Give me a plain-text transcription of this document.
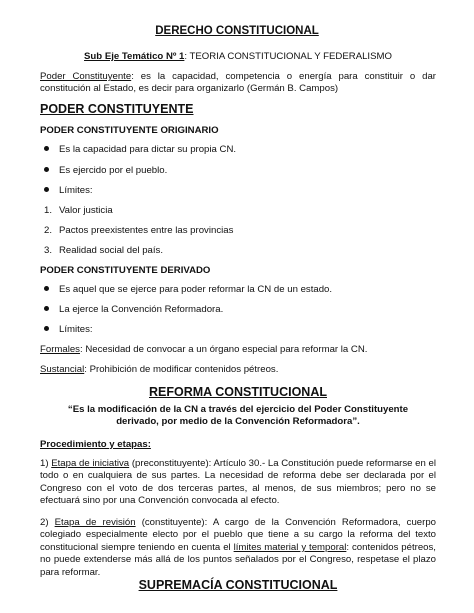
DERECHO CONSTITUCIONAL
Sub Eje Temático Nº 1: TEORIA CONSTITUCIONAL Y FEDERALISMO
Poder Constituyente: es la capacidad, competencia o energía para constituir o dar constitución al Estado, es decir para organizarlo (Germán B. Campos)
PODER CONSTITUYENTE
PODER CONSTITUYENTE ORIGINARIO
Es la capacidad para dictar su propia CN.
Es ejercido por el pueblo.
Límites:
1. Valor justicia
2. Pactos preexistentes entre las provincias
3. Realidad social del país.
PODER CONSTITUYENTE DERIVADO
Es aquel que se ejerce para poder reformar la CN de un estado.
La ejerce la Convención Reformadora.
Límites:
Formales: Necesidad de convocar a un órgano especial para reformar la CN.
Sustancial: Prohibición de modificar contenidos pétreos.
REFORMA CONSTITUCIONAL
“Es la modificación de la CN a través del ejercicio del Poder Constituyente derivado, por medio de la Convención Reformadora”.
Procedimiento y etapas:
1) Etapa de iniciativa (preconstituyente): Artículo 30.- La Constitución puede reformarse en el todo o en cualquiera de sus partes. La necesidad de reforma debe ser declarada por el Congreso con el voto de dos terceras partes, al menos, de sus miembros; pero no se efectuará sino por una Convención convocada al efecto.
2) Etapa de revisión (constituyente): A cargo de la Convención Reformadora, cuerpo colegiado especialmente electo por el pueblo que tiene a su cargo la reforma del texto constitucional siempre teniendo en cuenta el límites material y temporal: contenidos pétreos, no puede extenderse más allá de los puntos señalados por el Congreso, respetase el plazo para reformar.
SUPREMACÍA CONSTITUCIONAL
